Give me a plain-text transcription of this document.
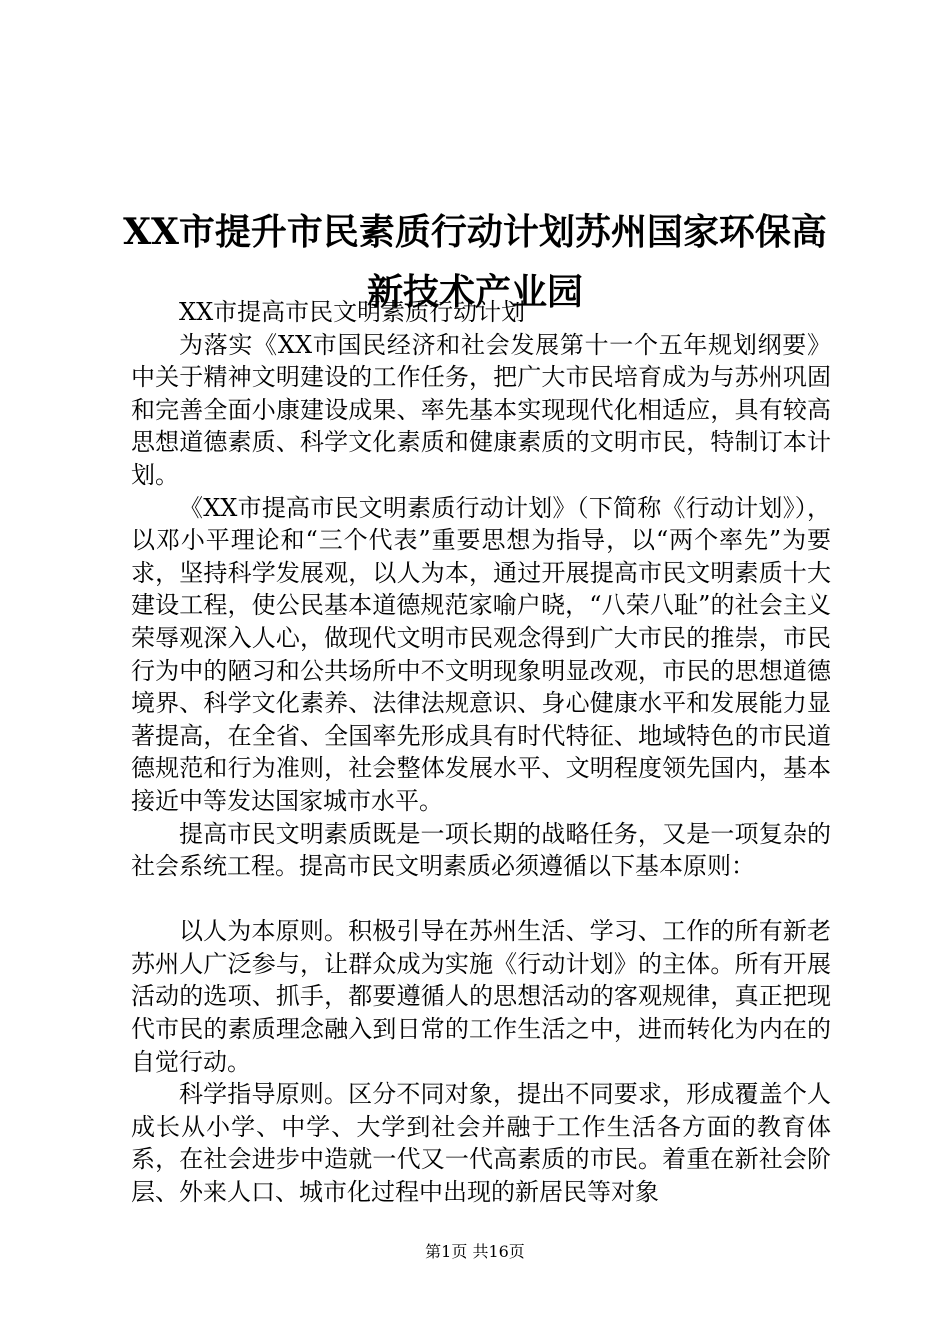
XX市提升市民素质行动计划苏州国家环保高新技术产业园

XX市提高市民文明素质行动计划

为落实《XX市国民经济和社会发展第十一个五年规划纲要》中关于精神文明建设的工作任务，把广大市民培育成为与苏州巩固和完善全面小康建设成果、率先基本实现现代化相适应，具有较高思想道德素质、科学文化素质和健康素质的文明市民，特制订本计划。

《XX市提高市民文明素质行动计划》（下简称《行动计划》），以邓小平理论和“三个代表”重要思想为指导，以“两个率先”为要求，坚持科学发展观，以人为本，通过开展提高市民文明素质十大建设工程，使公民基本道德规范家喻户晓，“八荣八耻”的社会主义荣辱观深入人心，做现代文明市民观念得到广大市民的推崇，市民行为中的陋习和公共场所中不文明现象明显改观，市民的思想道德境界、科学文化素养、法律法规意识、身心健康水平和发展能力显著提高，在全省、全国率先形成具有时代特征、地域特色的市民道德规范和行为准则，社会整体发展水平、文明程度领先国内，基本接近中等发达国家城市水平。

提高市民文明素质既是一项长期的战略任务，又是一项复杂的社会系统工程。提高市民文明素质必须遵循以下基本原则：

以人为本原则。积极引导在苏州生活、学习、工作的所有新老苏州人广泛参与，让群众成为实施《行动计划》的主体。所有开展活动的选项、抓手，都要遵循人的思想活动的客观规律，真正把现代市民的素质理念融入到日常的工作生活之中，进而转化为内在的自觉行动。

科学指导原则。区分不同对象，提出不同要求，形成覆盖个人成长从小学、中学、大学到社会并融于工作生活各方面的教育体系，在社会进步中造就一代又一代高素质的市民。着重在新社会阶层、外来人口、城市化过程中出现的新居民等对象

第1页 共16页
